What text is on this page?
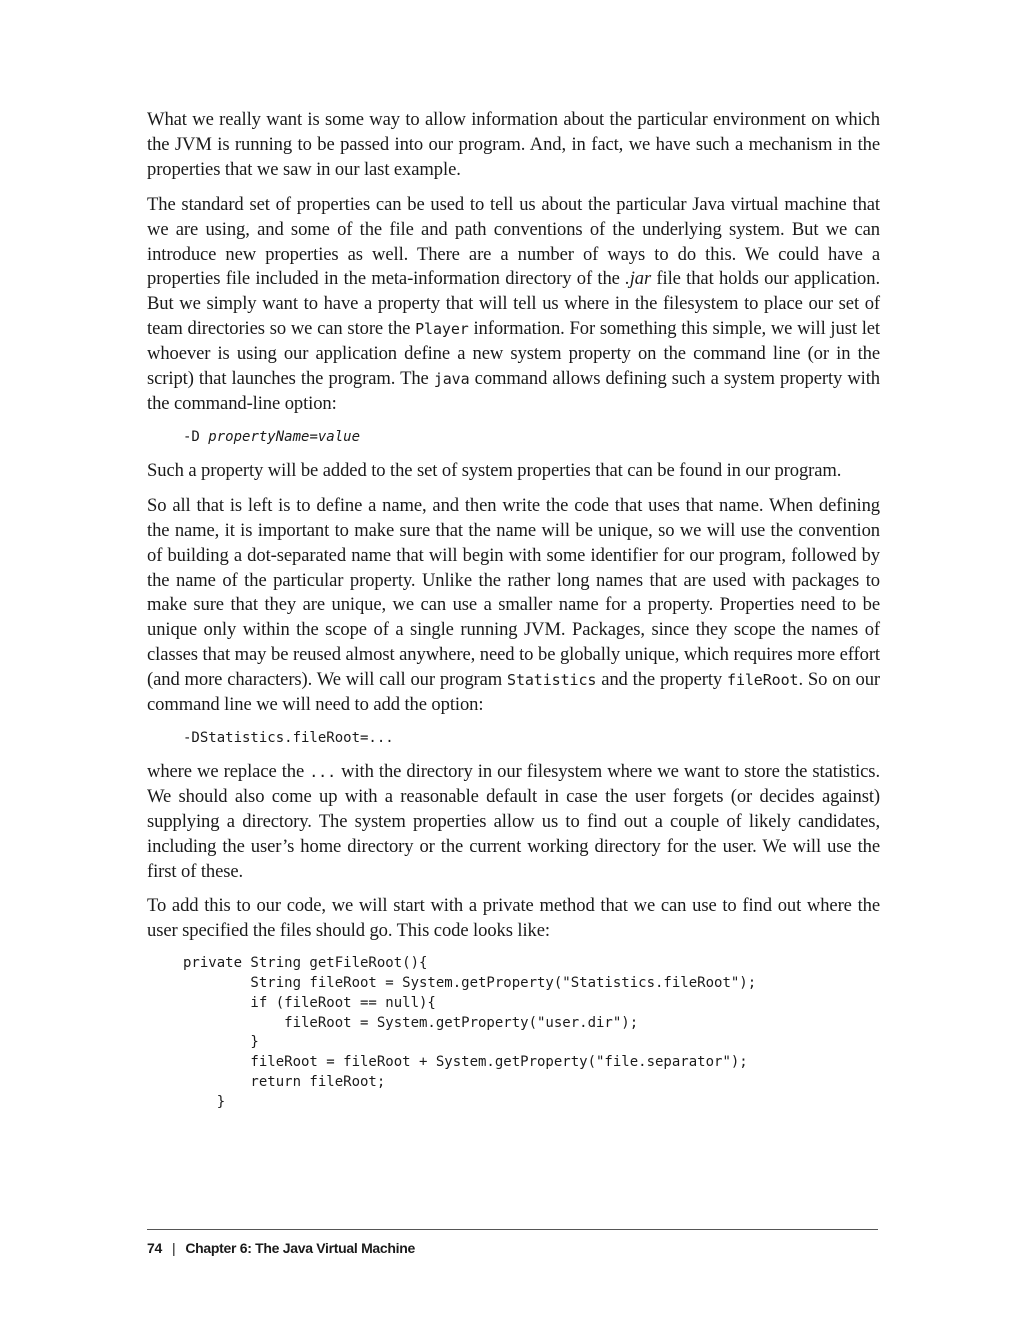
What we really want is some way to allow information about the particular environment on which the JVM is running to be passed into our program. And, in fact, we have such a mechanism in the properties that we saw in our last example.

The standard set of properties can be used to tell us about the particular Java virtual machine that we are using, and some of the file and path conventions of the underlying system. But we can introduce new properties as well. There are a number of ways to do this. We could have a properties file included in the meta-information directory of the .jar file that holds our application. But we simply want to have a property that will tell us where in the filesystem to place our set of team directories so we can store the Player information. For something this simple, we will just let whoever is using our application define a new system property on the command line (or in the script) that launches the program. The java command allows defining such a system property with the command-line option:

-D propertyName=value

Such a property will be added to the set of system properties that can be found in our program.

So all that is left is to define a name, and then write the code that uses that name. When defining the name, it is important to make sure that the name will be unique, so we will use the convention of building a dot-separated name that will begin with some identifier for our program, followed by the name of the particular property. Unlike the rather long names that are used with packages to make sure that they are unique, we can use a smaller name for a property. Properties need to be unique only within the scope of a single running JVM. Packages, since they scope the names of classes that may be reused almost anywhere, need to be globally unique, which requires more effort (and more characters). We will call our program Statistics and the property fileRoot. So on our command line we will need to add the option:

-DStatistics.fileRoot=...

where we replace the ... with the directory in our filesystem where we want to store the statistics. We should also come up with a reasonable default in case the user forgets (or decides against) supplying a directory. The system properties allow us to find out a couple of likely candidates, including the user’s home directory or the current working directory for the user. We will use the first of these.

To add this to our code, we will start with a private method that we can use to find out where the user specified the files should go. This code looks like:

private String getFileRoot(){
String fileRoot = System.getProperty("Statistics.fileRoot");
if (fileRoot == null){
fileRoot = System.getProperty("user.dir");
}
fileRoot = fileRoot + System.getProperty("file.separator");
return fileRoot;
}
74 | Chapter 6: The Java Virtual Machine
